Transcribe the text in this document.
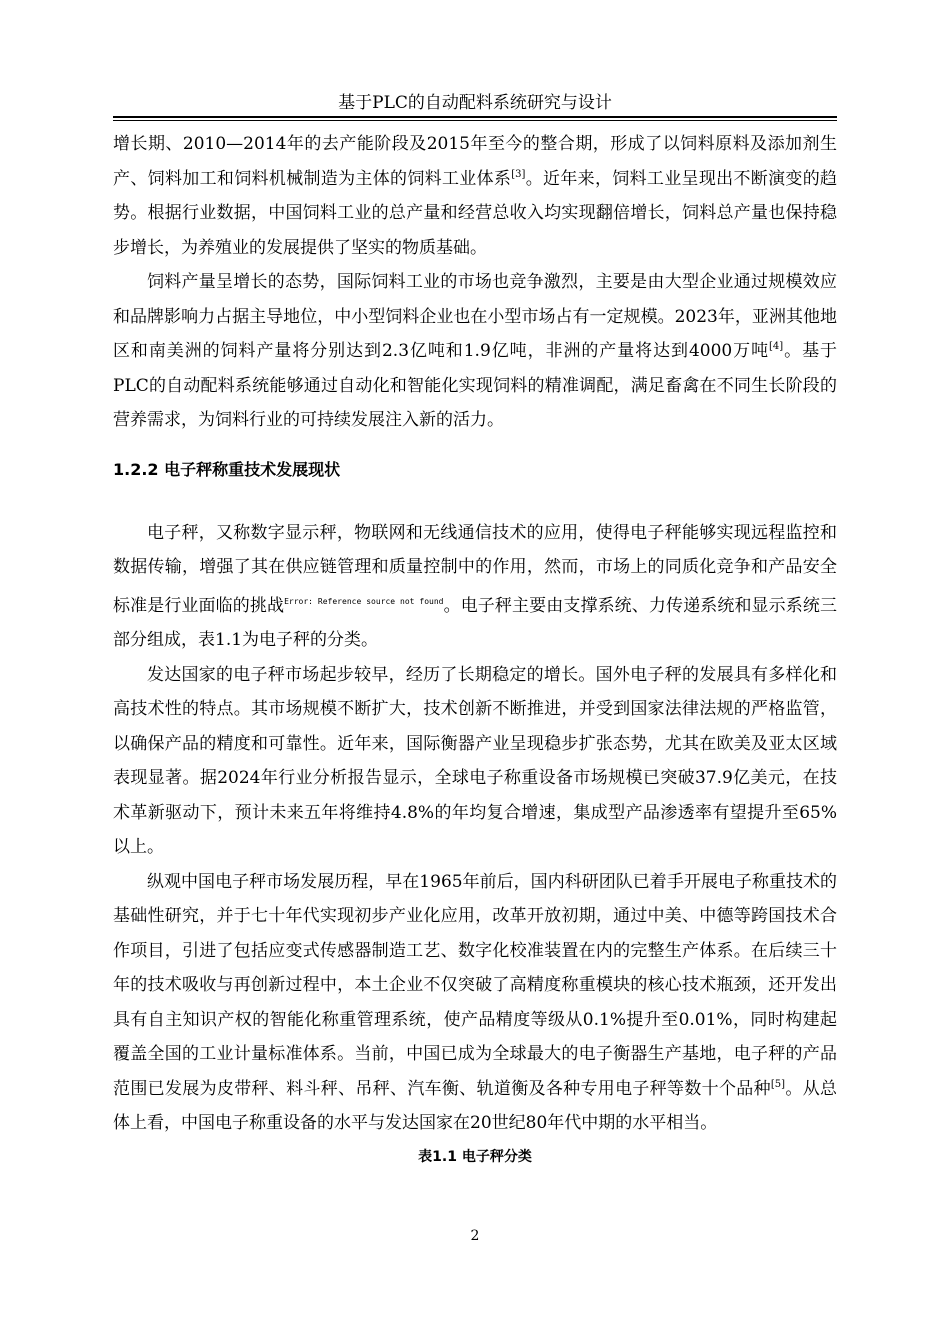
基于PLC的自动配料系统研究与设计

增长期、2010—2014年的去产能阶段及2015年至今的整合期，形成了以饲料原料及添加剂生产、饲料加工和饲料机械制造为主体的饲料工业体系[3]。近年来，饲料工业呈现出不断演变的趋势。根据行业数据，中国饲料工业的总产量和经营总收入均实现翻倍增长，饲料总产量也保持稳步增长，为养殖业的发展提供了坚实的物质基础。

饲料产量呈增长的态势，国际饲料工业的市场也竞争激烈，主要是由大型企业通过规模效应和品牌影响力占据主导地位，中小型饲料企业也在小型市场占有一定规模。2023年，亚洲其他地区和南美洲的饲料产量将分别达到2.3亿吨和1.9亿吨，非洲的产量将达到4000万吨[4]。基于PLC的自动配料系统能够通过自动化和智能化实现饲料的精准调配，满足畜禽在不同生长阶段的营养需求，为饲料行业的可持续发展注入新的活力。

1.2.2 电子秤称重技术发展现状

电子秤，又称数字显示秤，物联网和无线通信技术的应用，使得电子秤能够实现远程监控和数据传输，增强了其在供应链管理和质量控制中的作用，然而，市场上的同质化竞争和产品安全标准是行业面临的挑战$^{Error: Reference source not found}$。电子秤主要由支撑系统、力传递系统和显示系统三部分组成，表1.1为电子秤的分类。

发达国家的电子秤市场起步较早，经历了长期稳定的增长。国外电子秤的发展具有多样化和高技术性的特点。其市场规模不断扩大，技术创新不断推进，并受到国家法律法规的严格监管，以确保产品的精度和可靠性。近年来，国际衡器产业呈现稳步扩张态势，尤其在欧美及亚太区域表现显著。据2024年行业分析报告显示，全球电子称重设备市场规模已突破37.9亿美元，在技术革新驱动下，预计未来五年将维持4.8%的年均复合增速，集成型产品渗透率有望提升至65%以上。

纵观中国电子秤市场发展历程，早在1965年前后，国内科研团队已着手开展电子称重技术的基础性研究，并于七十年代实现初步产业化应用，改革开放初期，通过中美、中德等跨国技术合作项目，引进了包括应变式传感器制造工艺、数字化校准装置在内的完整生产体系。在后续三十年的技术吸收与再创新过程中，本土企业不仅突破了高精度称重模块的核心技术瓶颈，还开发出具有自主知识产权的智能化称重管理系统，使产品精度等级从0.1%提升至0.01%，同时构建起覆盖全国的工业计量标准体系。当前，中国已成为全球最大的电子衡器生产基地，电子秤的产品范围已发展为皮带秤、料斗秤、吊秤、汽车衡、轨道衡及各种专用电子秤等数十个品种[5]。从总体上看，中国电子称重设备的水平与发达国家在20世纪80年代中期的水平相当。

表1.1 电子秤分类
2
